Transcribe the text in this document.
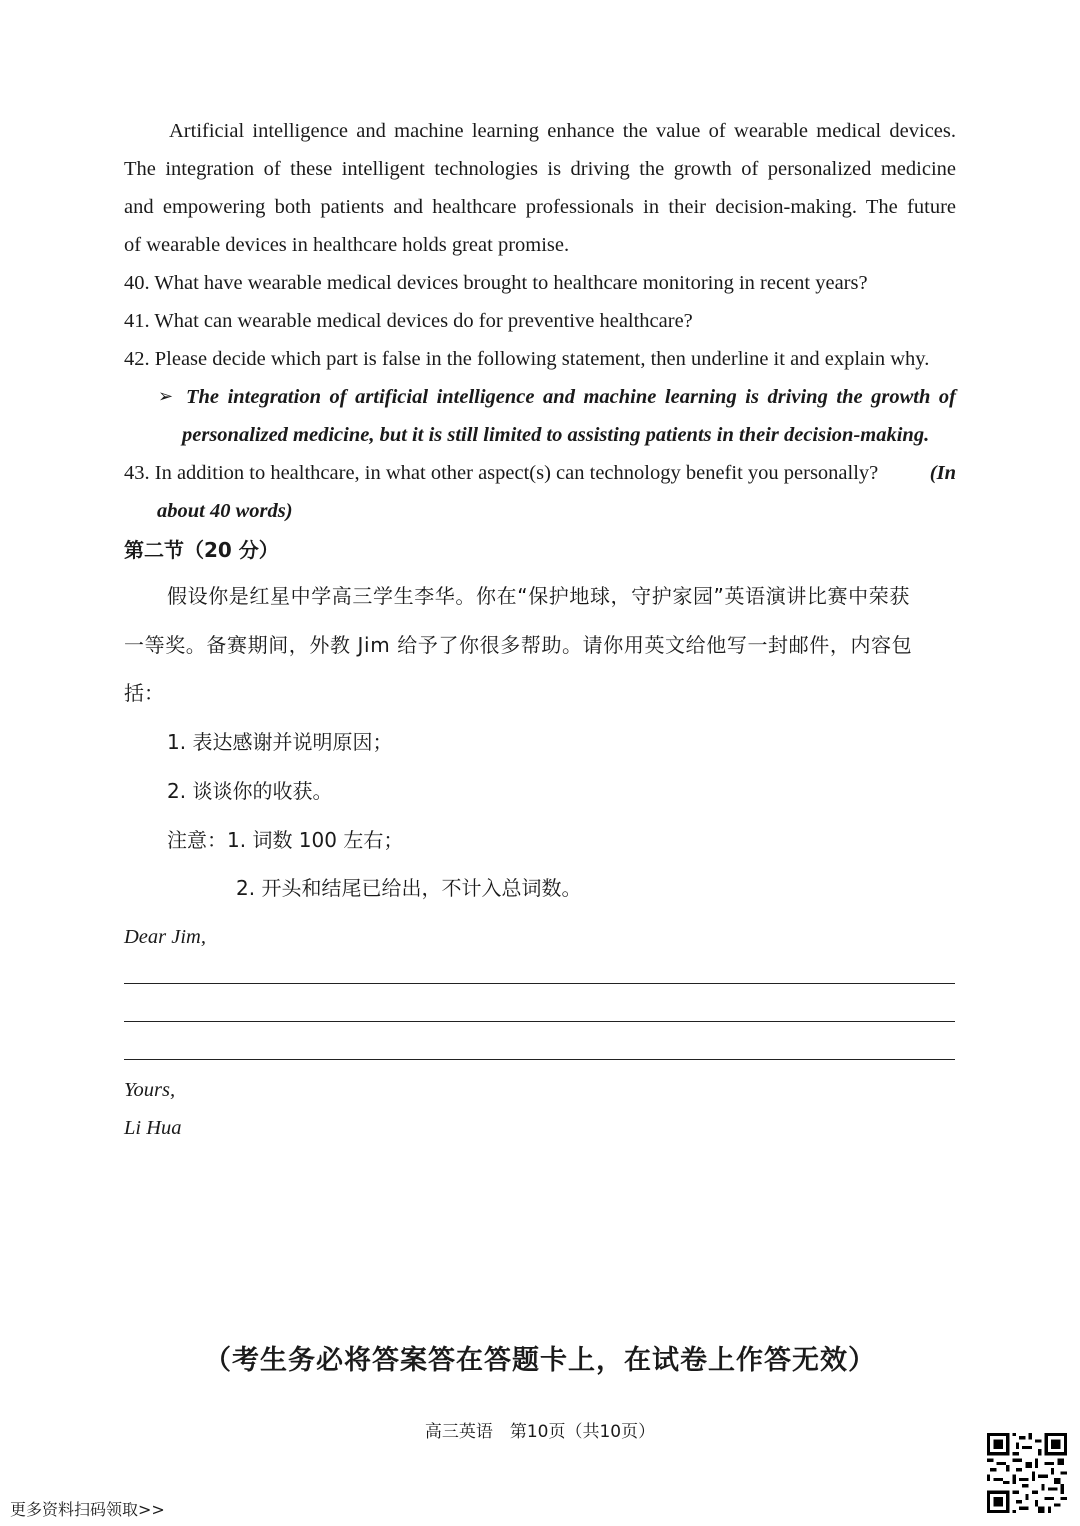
Artificial intelligence and machine learning enhance the value of wearable medical devices.
The integration of these intelligent technologies is driving the growth of personalized medicine
and empowering both patients and healthcare professionals in their decision-making. The future
of wearable devices in healthcare holds great promise.
40. What have wearable medical devices brought to healthcare monitoring in recent years?
41. What can wearable medical devices do for preventive healthcare?
42. Please decide which part is false in the following statement, then underline it and explain why.
➢ The integration of artificial intelligence and machine learning is driving the growth of
personalized medicine, but it is still limited to assisting patients in their decision-making.
43. In addition to healthcare, in what other aspect(s) can technology benefit you personally?	(In
about 40 words)
第二节（20 分）
假设你是红星中学高三学生李华。你在“保护地球，守护家园”英语演讲比赛中荣获
一等奖。备赛期间，外教 Jim 给予了你很多帮助。请你用英文给他写一封邮件，内容包
括：
1. 表达感谢并说明原因；
2. 谈谈你的收获。
注意：1. 词数 100 左右；
2. 开头和结尾已给出，不计入总词数。
Dear Jim,
Yours,
Li Hua
（考生务必将答案答在答题卡上，在试卷上作答无效）
高三英语　第10页（共10页）
更多资料扫码领取>>
